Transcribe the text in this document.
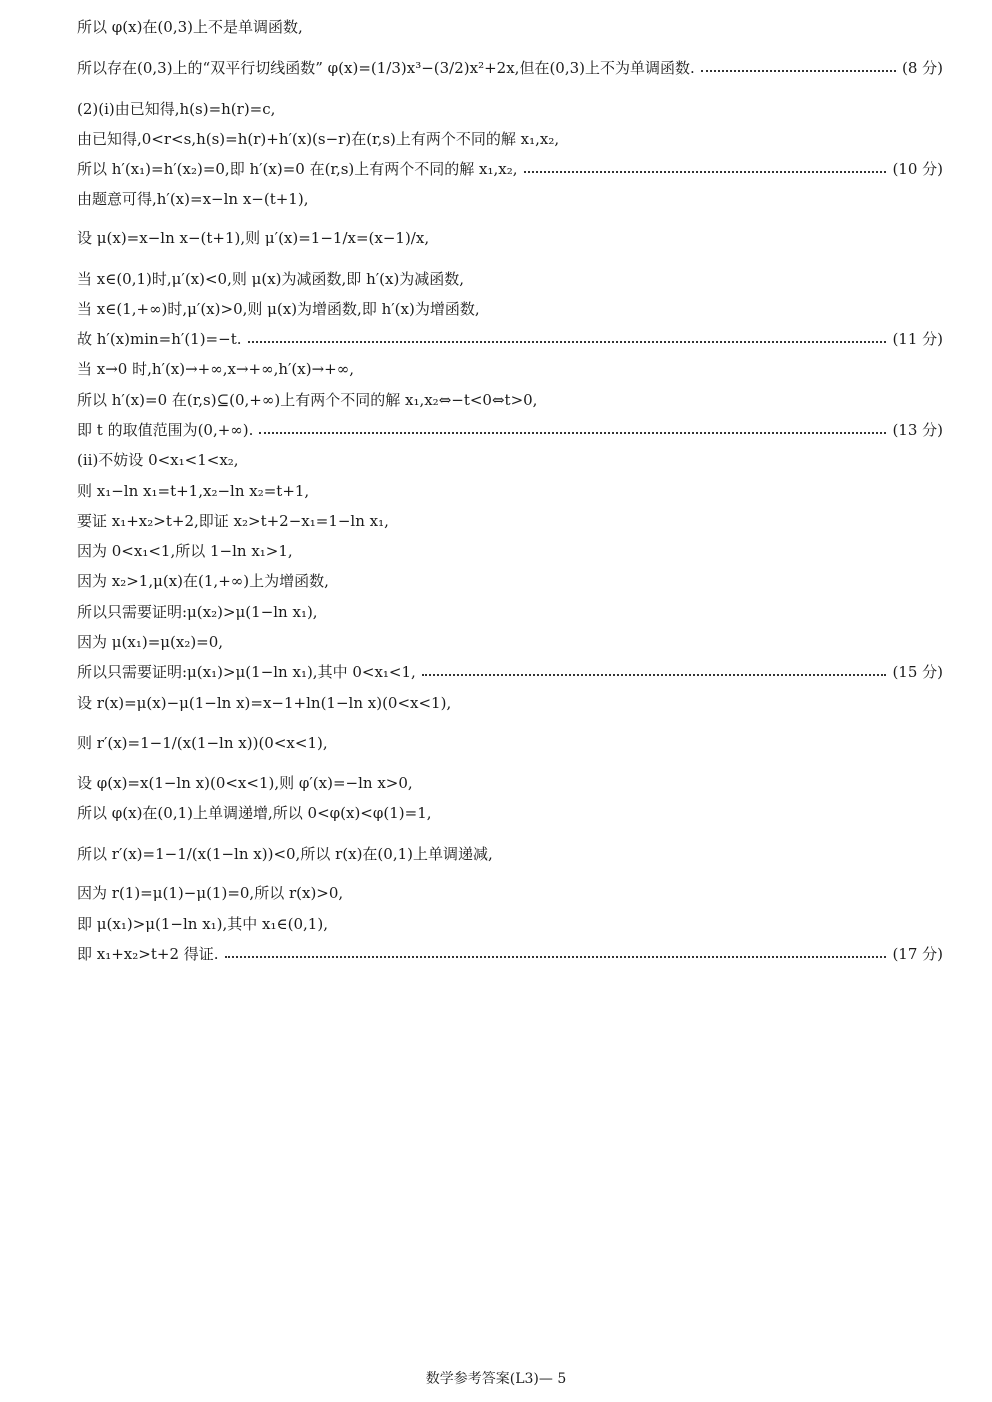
所以 φ(x)在(0,3)上不是单调函数,
所以存在(0,3)上的“双平行切线函数” φ(x)=(1/3)x³−(3/2)x²+2x,但在(0,3)上不为单调函数.	(8 分)
(2)(ⅰ)由已知得,h(s)=h(r)=c,
由已知得,0<r<s,h(s)=h(r)+h′(x)(s−r)在(r,s)上有两个不同的解 x₁,x₂,
所以 h′(x₁)=h′(x₂)=0,即 h′(x)=0 在(r,s)上有两个不同的解 x₁,x₂,	(10 分)
由题意可得,h′(x)=x−ln x−(t+1),
设 μ(x)=x−ln x−(t+1),则 μ′(x)=1−1/x=(x−1)/x,
当 x∈(0,1)时,μ′(x)<0,则 μ(x)为减函数,即 h′(x)为减函数,
当 x∈(1,+∞)时,μ′(x)>0,则 μ(x)为增函数,即 h′(x)为增函数,
故 h′(x)min=h′(1)=−t.	(11 分)
当 x→0 时,h′(x)→+∞,x→+∞,h′(x)→+∞,
所以 h′(x)=0 在(r,s)⊆(0,+∞)上有两个不同的解 x₁,x₂⇔−t<0⇔t>0,
即 t 的取值范围为(0,+∞).	(13 分)
(ⅱ)不妨设 0<x₁<1<x₂,
则 x₁−ln x₁=t+1,x₂−ln x₂=t+1,
要证 x₁+x₂>t+2,即证 x₂>t+2−x₁=1−ln x₁,
因为 0<x₁<1,所以 1−ln x₁>1,
因为 x₂>1,μ(x)在(1,+∞)上为增函数,
所以只需要证明:μ(x₂)>μ(1−ln x₁),
因为 μ(x₁)=μ(x₂)=0,
所以只需要证明:μ(x₁)>μ(1−ln x₁),其中 0<x₁<1,	(15 分)
设 r(x)=μ(x)−μ(1−ln x)=x−1+ln(1−ln x)(0<x<1),
则 r′(x)=1−1/(x(1−ln x))(0<x<1),
设 φ(x)=x(1−ln x)(0<x<1),则 φ′(x)=−ln x>0,
所以 φ(x)在(0,1)上单调递增,所以 0<φ(x)<φ(1)=1,
所以 r′(x)=1−1/(x(1−ln x))<0,所以 r(x)在(0,1)上单调递减,
因为 r(1)=μ(1)−μ(1)=0,所以 r(x)>0,
即 μ(x₁)>μ(1−ln x₁),其中 x₁∈(0,1),
即 x₁+x₂>t+2 得证.	(17 分)
数学参考答案(L3)— 5
